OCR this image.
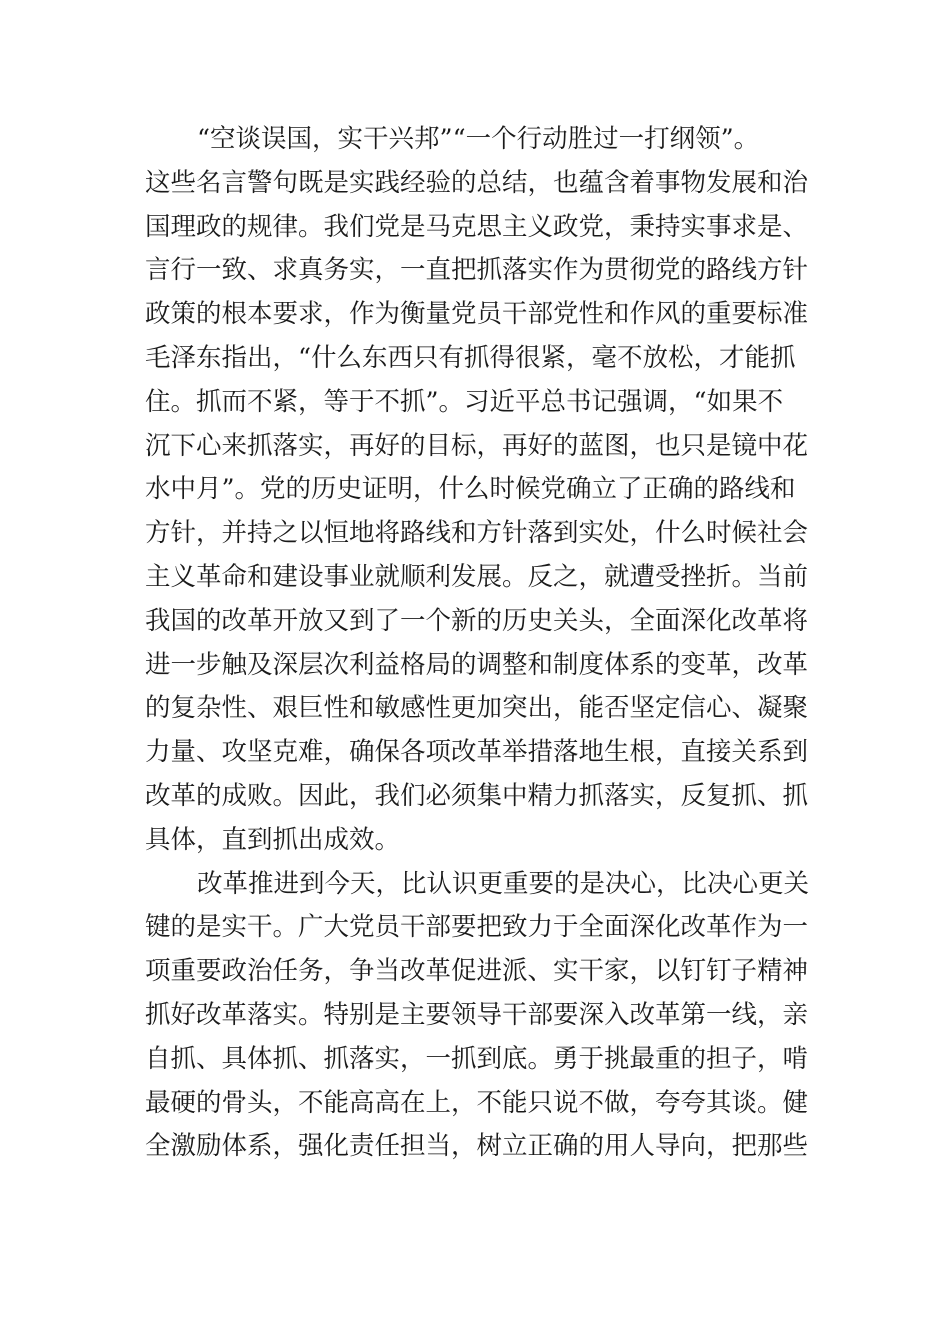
“空谈误国，实干兴邦”“一个行动胜过一打纲领”。
这些名言警句既是实践经验的总结，也蕴含着事物发展和治
国理政的规律。我们党是马克思主义政党，秉持实事求是、
言行一致、求真务实，一直把抓落实作为贯彻党的路线方针
政策的根本要求，作为衡量党员干部党性和作风的重要标准
毛泽东指出，“什么东西只有抓得很紧，毫不放松，才能抓
住。抓而不紧，等于不抓”。习近平总书记强调，“如果不
沉下心来抓落实，再好的目标，再好的蓝图，也只是镜中花
水中月”。党的历史证明，什么时候党确立了正确的路线和
方针，并持之以恒地将路线和方针落到实处，什么时候社会
主义革命和建设事业就顺利发展。反之，就遭受挫折。当前
我国的改革开放又到了一个新的历史关头，全面深化改革将
进一步触及深层次利益格局的调整和制度体系的变革，改革
的复杂性、艰巨性和敏感性更加突出，能否坚定信心、凝聚
力量、攻坚克难，确保各项改革举措落地生根，直接关系到
改革的成败。因此，我们必须集中精力抓落实，反复抓、抓
具体，直到抓出成效。
改革推进到今天，比认识更重要的是决心，比决心更关
键的是实干。广大党员干部要把致力于全面深化改革作为一
项重要政治任务，争当改革促进派、实干家，以钉钉子精神
抓好改革落实。特别是主要领导干部要深入改革第一线，亲
自抓、具体抓、抓落实，一抓到底。勇于挑最重的担子，啃
最硬的骨头，不能高高在上，不能只说不做，夸夸其谈。健
全激励体系，强化责任担当，树立正确的用人导向，把那些
